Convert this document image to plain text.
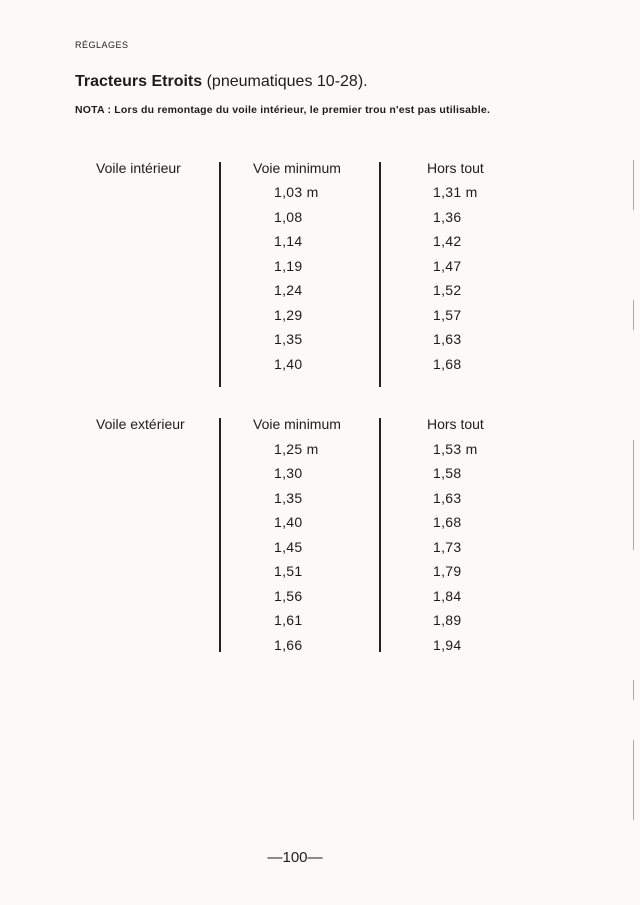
RÉGLAGES
Tracteurs Etroits (pneumatiques 10-28).
NOTA : Lors du remontage du voile intérieur, le premier trou n'est pas utilisable.
Voile intérieur	Voie minimum	Hors tout
1,03 m	1,31 m
1,08	1,36
1,14	1,42
1,19	1,47
1,24	1,52
1,29	1,57
1,35	1,63
1,40	1,68
Voile extérieur	Voie minimum	Hors tout
1,25 m	1,53 m
1,30	1,58
1,35	1,63
1,40	1,68
1,45	1,73
1,51	1,79
1,56	1,84
1,61	1,89
1,66	1,94
—100—
